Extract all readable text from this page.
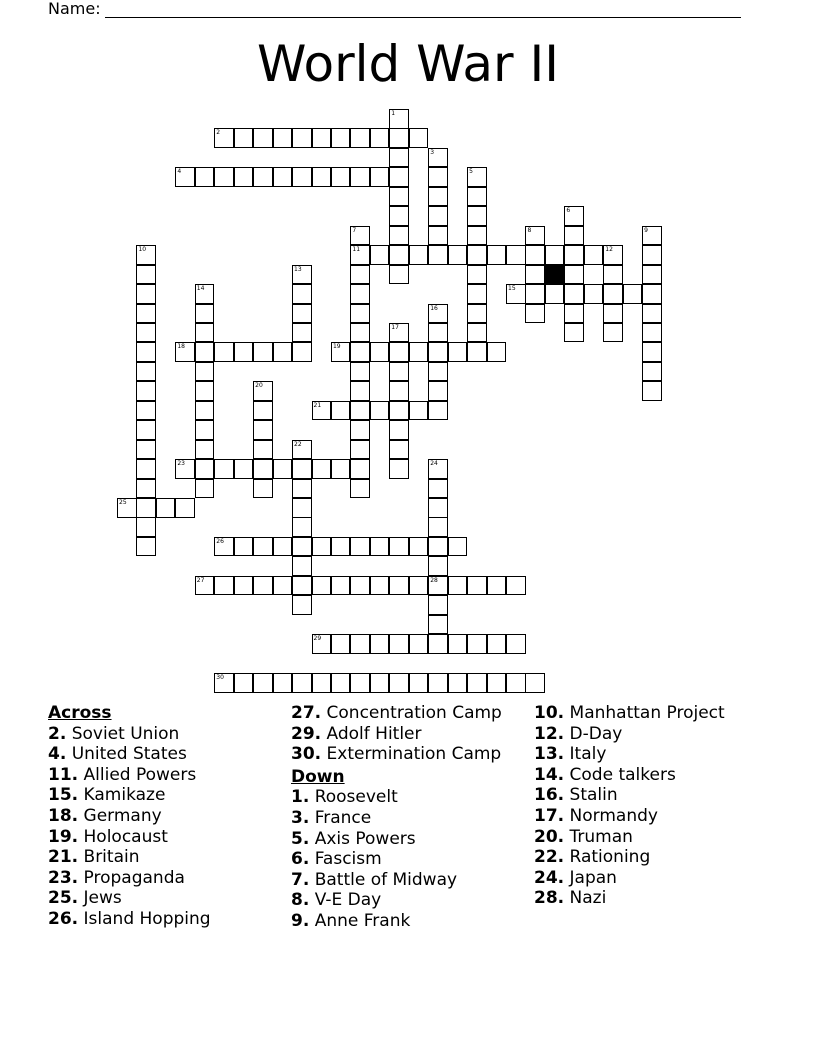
Name:
World War II
2
4
11
15
18	19
21
23
25
26
27	28
29
30
1
3
5
6
7	8	9
10	12
13
14
16
17
20
22
24
Across
2. Soviet Union
4. United States
11. Allied Powers
15. Kamikaze
18. Germany
19. Holocaust
21. Britain
23. Propaganda
25. Jews
26. Island Hopping
27. Concentration Camp
29. Adolf Hitler
30. Extermination Camp
Down
1. Roosevelt
3. France
5. Axis Powers
6. Fascism
7. Battle of Midway
8. V-E Day
9. Anne Frank
10. Manhattan Project
12. D-Day
13. Italy
14. Code talkers
16. Stalin
17. Normandy
20. Truman
22. Rationing
24. Japan
28. Nazi
